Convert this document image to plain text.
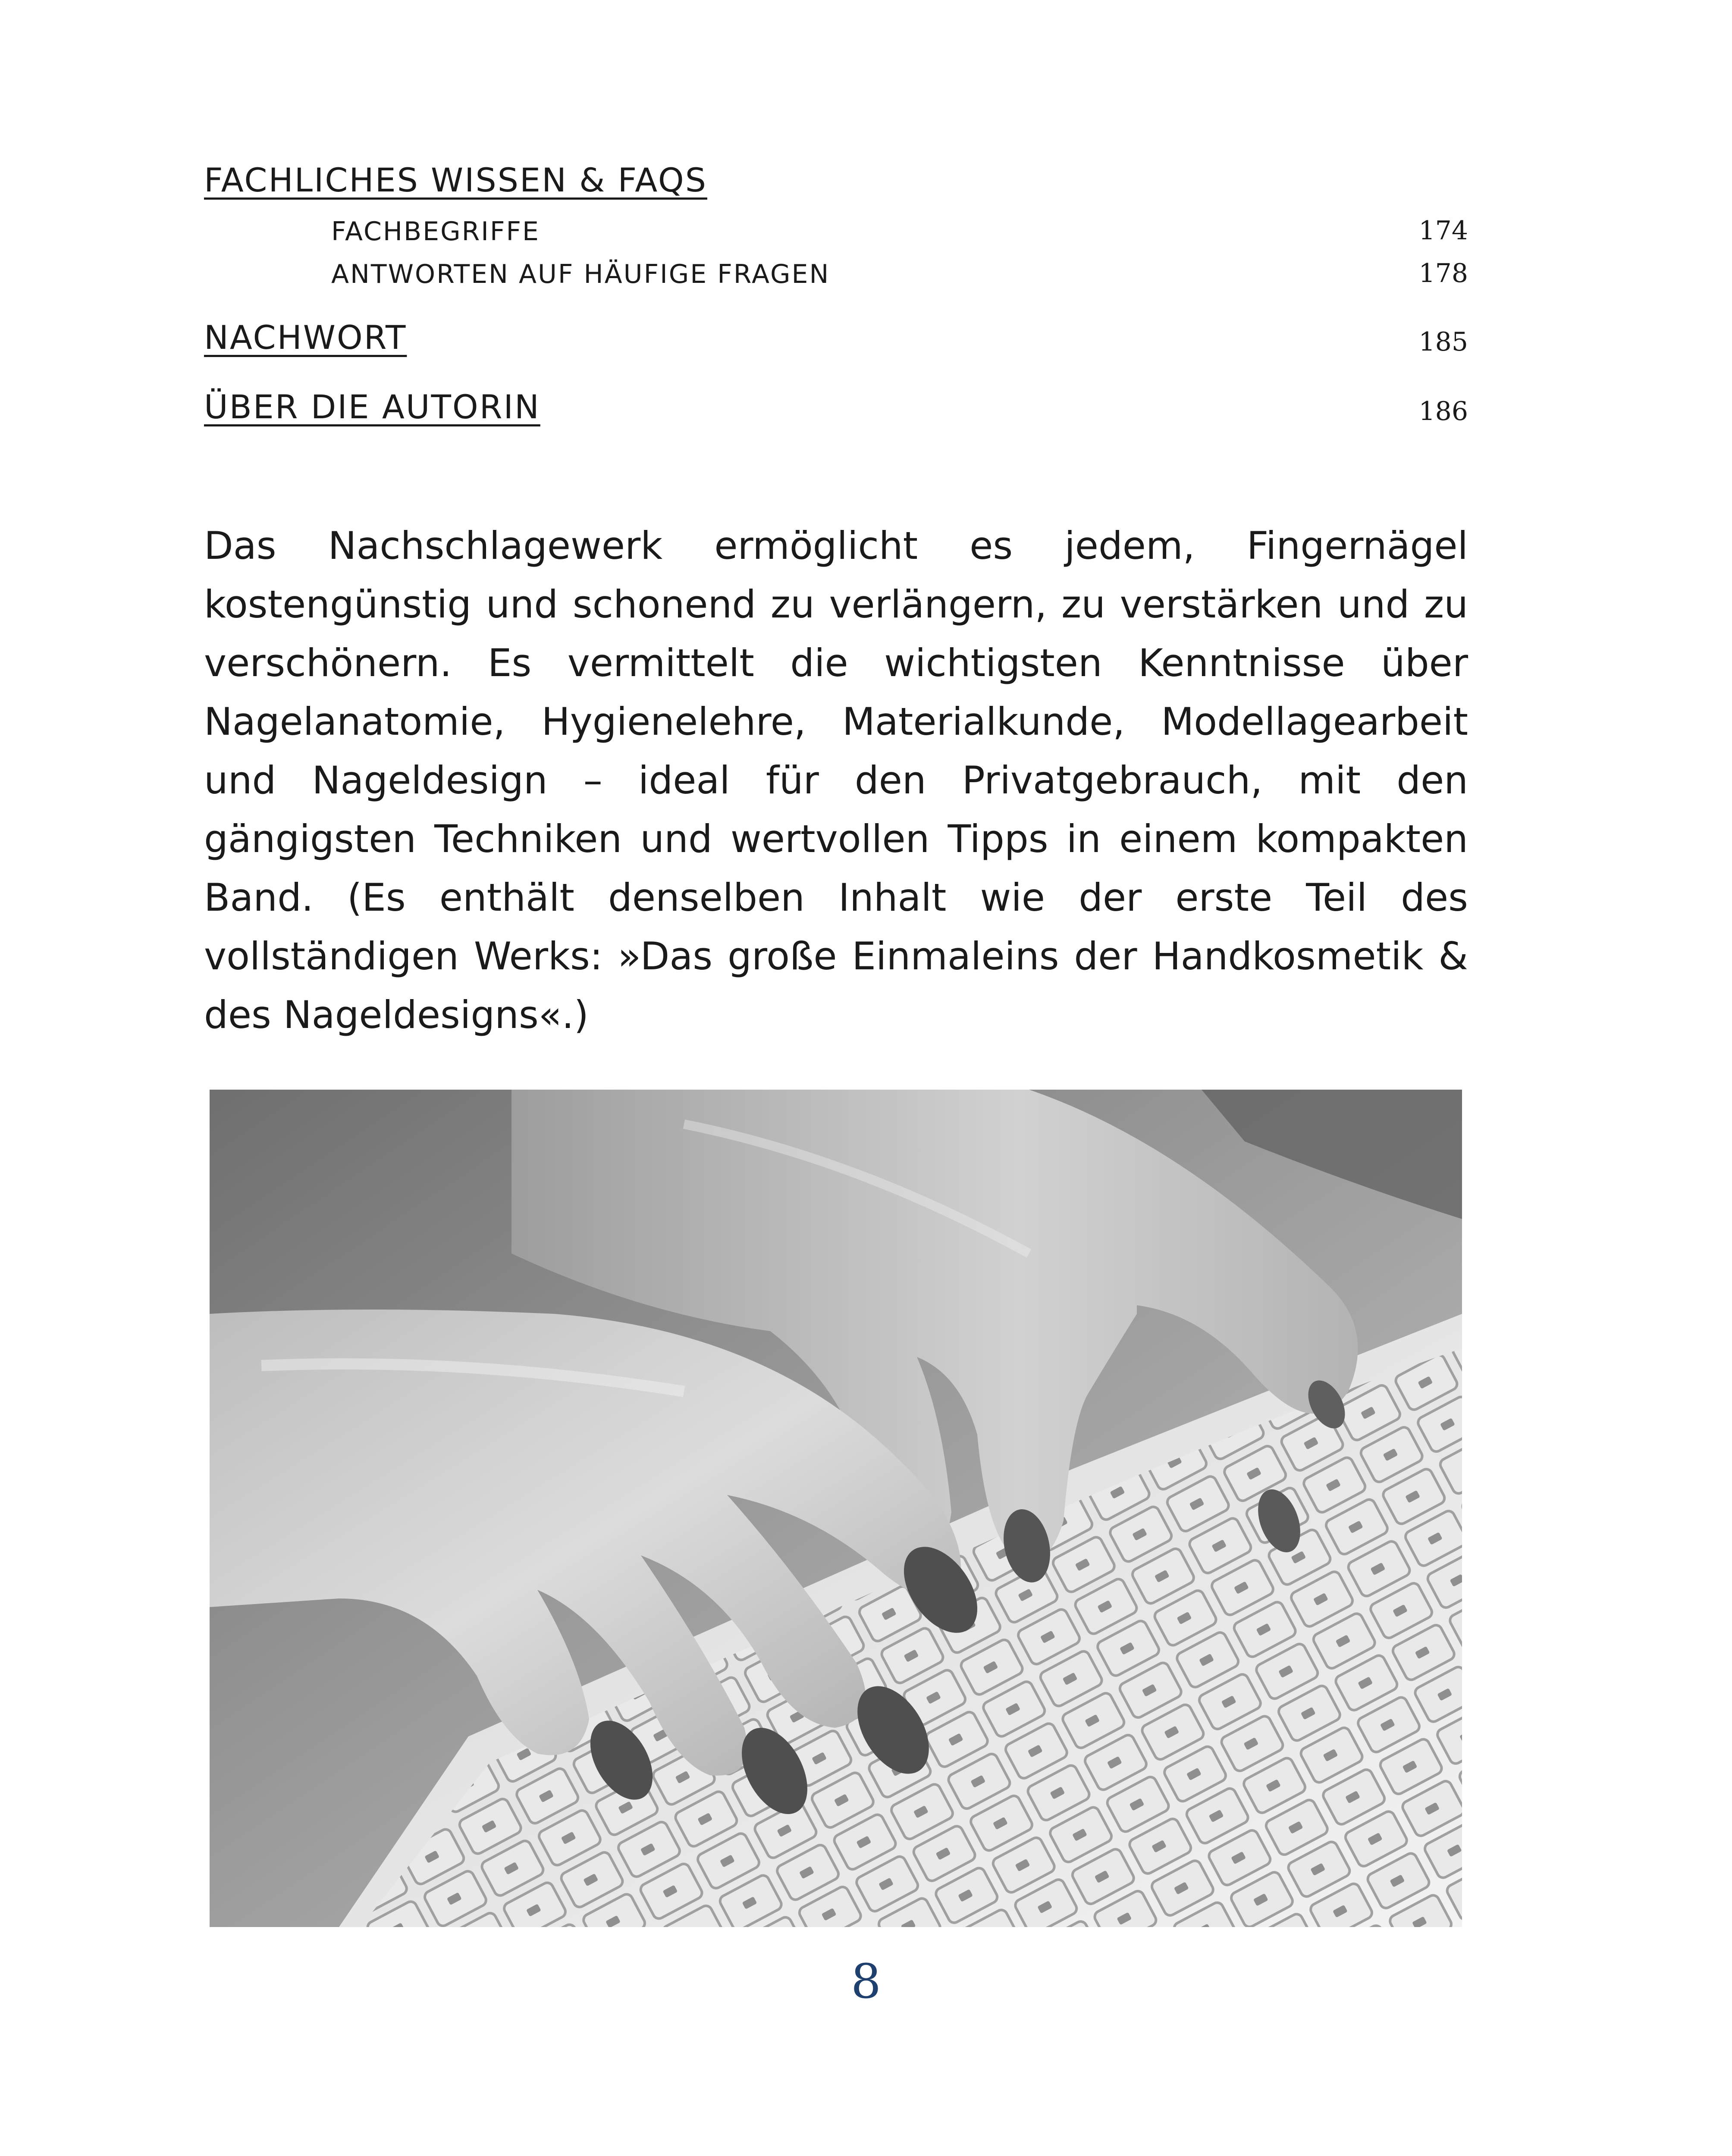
FACHLICHES WISSEN & FAQS
FACHBEGRIFFE	174
ANTWORTEN AUF HÄUFIGE FRAGEN	178
NACHWORT	185
ÜBER DIE AUTORIN	186

Das Nachschlagewerk ermöglicht es jedem, Fingernägel kostengünstig und schonend zu verlängern, zu verstärken und zu verschönern. Es vermittelt die wichtigsten Kenntnisse über Nagelanatomie, Hygienelehre, Materialkunde, Modellagearbeit und Nageldesign – ideal für den Privatgebrauch, mit den gängigsten Techniken und wertvollen Tipps in einem kompakten Band. (Es enthält denselben Inhalt wie der erste Teil des vollständigen Werks: »Das große Einmaleins der Handkosmetik & des Nageldesigns«.)

8
